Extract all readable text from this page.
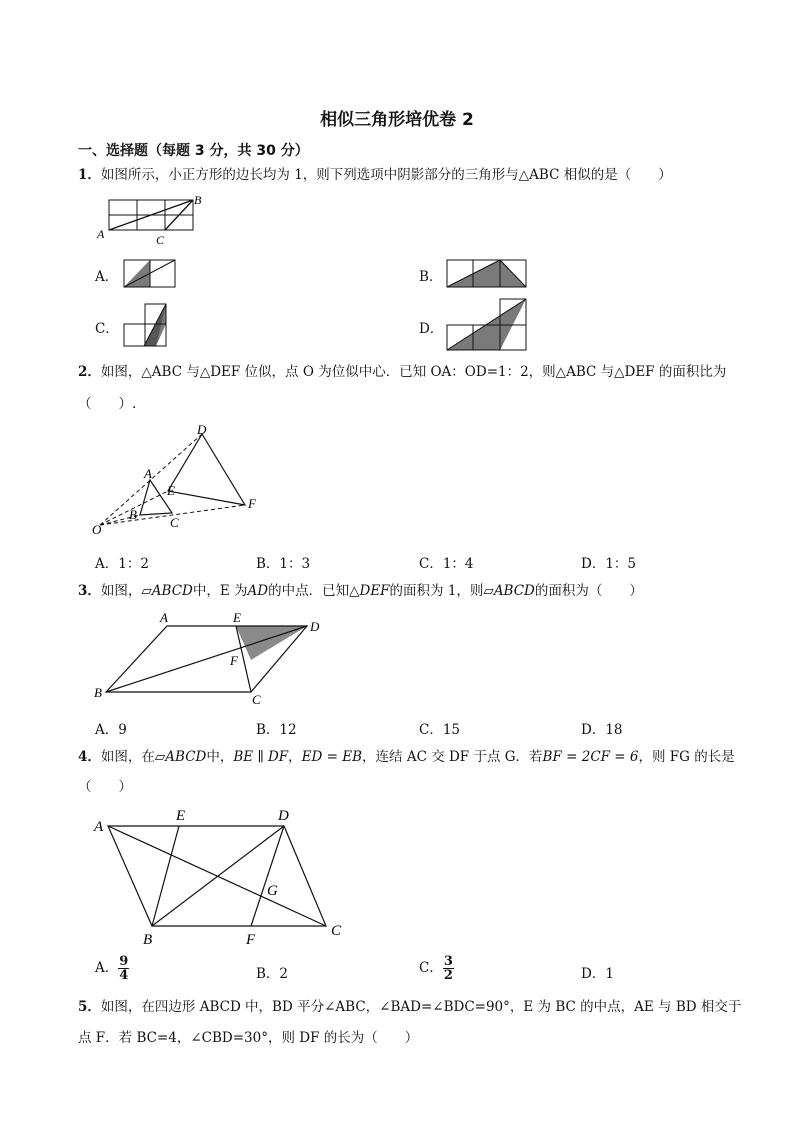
相似三角形培优卷 2
一、选择题（每题 3 分，共 30 分）
1．如图所示，小正方形的边长均为 1，则下列选项中阴影部分的三角形与△ABC 相似的是（　　）
A
B
C
A．	B．
C．	D．
2．如图，△ABC 与△DEF 位似，点 O 为位似中心．已知 OA：OD=1：2，则△ABC 与△DEF 的面积比为
（　　）.
D
A
E
F
B
C
O
A．1：2	B．1：3	C．1：4	D．1：5
3．如图，▱ABCD中，E 为AD的中点．已知△DEF的面积为 1，则▱ABCD的面积为（　　）
A	E
D
F
B	C
A．9	B．12	C．15	D．18
4．如图，在▱ABCD中，BE ∥ DF，ED = EB，连结 AC 交 DF 于点 G．若BF = 2CF = 6，则 FG 的长是
（　　）
A
E	D
G
B	F
C
A． $\frac{9}{4}$	B．2	C． $\frac{3}{2}$	D．1
5．如图，在四边形 ABCD 中，BD 平分∠ABC，∠BAD=∠BDC=90°，E 为 BC 的中点，AE 与 BD 相交于
点 F．若 BC=4，∠CBD=30°，则 DF 的长为（　　）
